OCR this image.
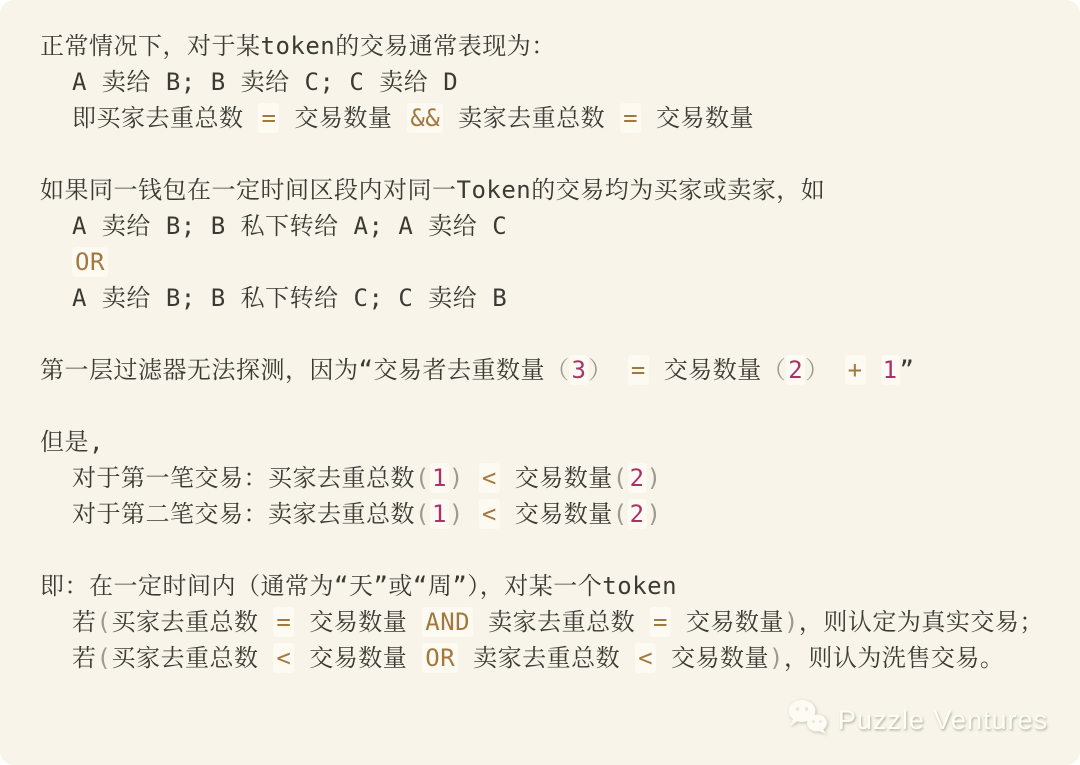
正常情况下，对于某token的交易通常表现为：
A 卖给 B; B 卖给 C; C 卖给 D
即买家去重总数 = 交易数量 && 卖家去重总数 = 交易数量
如果同一钱包在一定时间区段内对同一Token的交易均为买家或卖家，如
A 卖给 B; B 私下转给 A; A 卖给 C
OR
A 卖给 B; B 私下转给 C; C 卖给 B
第一层过滤器无法探测，因为“交易者去重数量（3） = 交易数量（2） + 1”
但是,
对于第一笔交易：买家去重总数(1) < 交易数量(2)
对于第二笔交易：卖家去重总数(1) < 交易数量(2)
即：在一定时间内（通常为“天”或“周”），对某一个token
若(买家去重总数 = 交易数量 AND 卖家去重总数 = 交易数量)，则认定为真实交易；
若(买家去重总数 < 交易数量 OR 卖家去重总数 < 交易数量)，则认为洗售交易。
Puzzle Ventures
